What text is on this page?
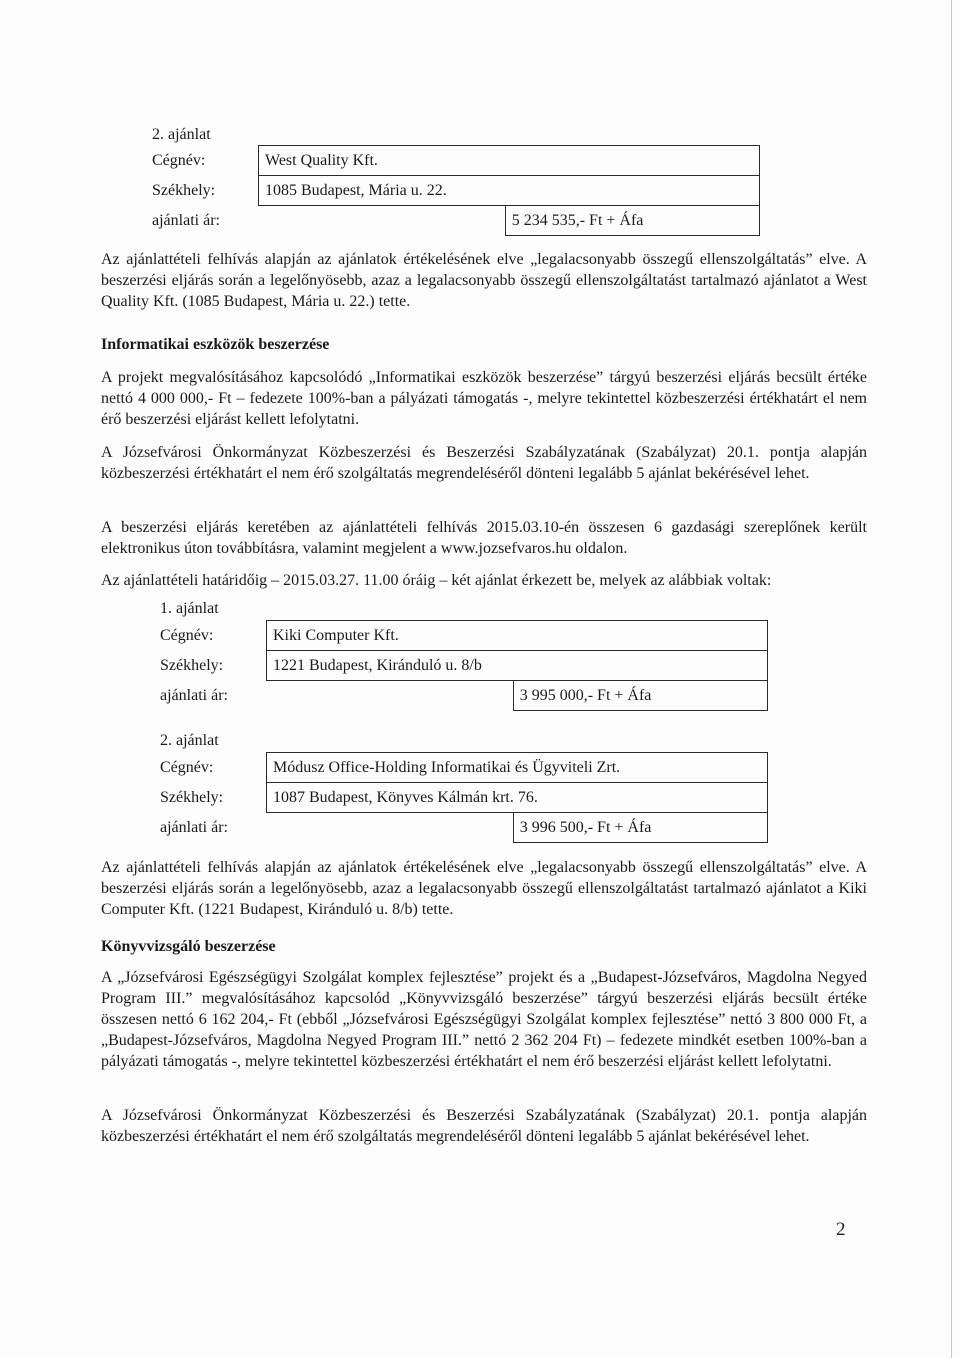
2. ajánlat
Cégnév:	West Quality Kft.	
Székhely:	1085 Budapest, Mária u. 22.	
ajánlati ár:		5 234 535,- Ft + Áfa

Az ajánlattételi felhívás alapján az ajánlatok értékelésének elve „legalacsonyabb összegű ellenszolgáltatás” elve. A beszerzési eljárás során a legelőnyösebb, azaz a legalacsonyabb összegű ellenszolgáltatást tartalmazó ajánlatot a West Quality Kft. (1085 Budapest, Mária u. 22.) tette.

Informatikai eszközök beszerzése

A projekt megvalósításához kapcsolódó „Informatikai eszközök beszerzése” tárgyú beszerzési eljárás becsült értéke nettó 4 000 000,- Ft – fedezete 100%-ban a pályázati támogatás -, melyre tekintettel közbeszerzési értékhatárt el nem érő beszerzési eljárást kellett lefolytatni.

A Józsefvárosi Önkormányzat Közbeszerzési és Beszerzési Szabályzatának (Szabályzat) 20.1. pontja alapján közbeszerzési értékhatárt el nem érő szolgáltatás megrendeléséről dönteni legalább 5 ajánlat bekérésével lehet.

A beszerzési eljárás keretében az ajánlattételi felhívás 2015.03.10-én összesen 6 gazdasági szereplőnek került elektronikus úton továbbításra, valamint megjelent a www.jozsefvaros.hu oldalon.

Az ajánlattételi határidőig – 2015.03.27. 11.00 óráig – két ajánlat érkezett be, melyek az alábbiak voltak:

1. ajánlat
Cégnév:	Kiki Computer Kft.	
Székhely:	1221 Budapest, Kiránduló u. 8/b	
ajánlati ár:		3 995 000,- Ft + Áfa
2. ajánlat
Cégnév:	Módusz Office-Holding Informatikai és Ügyviteli Zrt.	
Székhely:	1087 Budapest, Könyves Kálmán krt. 76.	
ajánlati ár:		3 996 500,- Ft + Áfa

Az ajánlattételi felhívás alapján az ajánlatok értékelésének elve „legalacsonyabb összegű ellenszolgáltatás” elve. A beszerzési eljárás során a legelőnyösebb, azaz a legalacsonyabb összegű ellenszolgáltatást tartalmazó ajánlatot a Kiki Computer Kft. (1221 Budapest, Kiránduló u. 8/b) tette.

Könyvvizsgáló beszerzése

A „Józsefvárosi Egészségügyi Szolgálat komplex fejlesztése” projekt és a „Budapest-Józsefváros, Magdolna Negyed Program III.” megvalósításához kapcsolód „Könyvvizsgáló beszerzése” tárgyú beszerzési eljárás becsült értéke összesen nettó 6 162 204,- Ft (ebből „Józsefvárosi Egészségügyi Szolgálat komplex fejlesztése” nettó 3 800 000 Ft, a „Budapest-Józsefváros, Magdolna Negyed Program III.” nettó 2 362 204 Ft) – fedezete mindkét esetben 100%-ban a pályázati támogatás -, melyre tekintettel közbeszerzési értékhatárt el nem érő beszerzési eljárást kellett lefolytatni.

A Józsefvárosi Önkormányzat Közbeszerzési és Beszerzési Szabályzatának (Szabályzat) 20.1. pontja alapján közbeszerzési értékhatárt el nem érő szolgáltatás megrendeléséről dönteni legalább 5 ajánlat bekérésével lehet.

2
